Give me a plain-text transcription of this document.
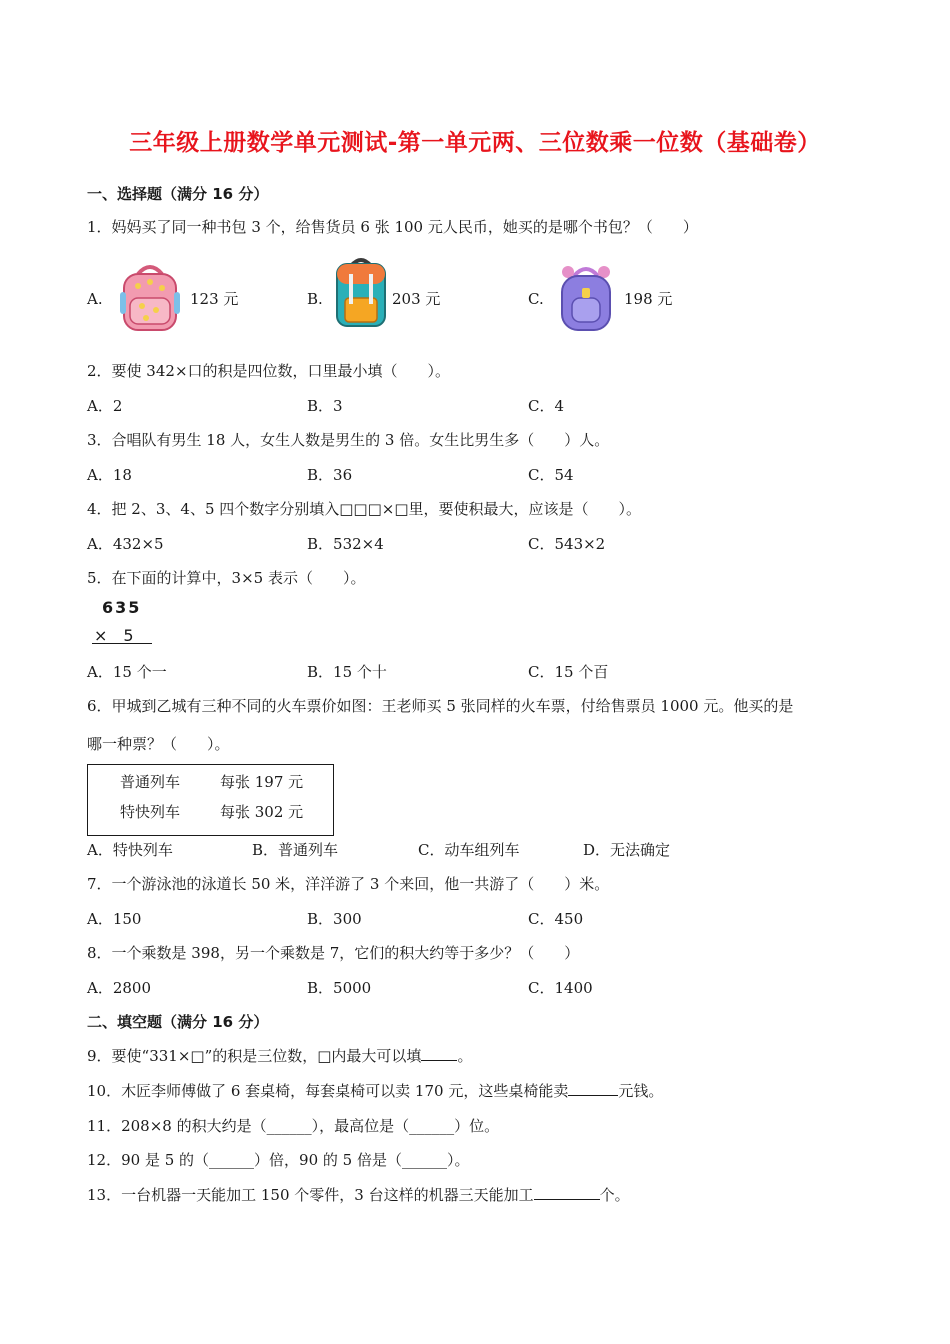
三年级上册数学单元测试-第一单元两、三位数乘一位数（基础卷）
一、选择题（满分 16 分）
1．妈妈买了同一种书包 3 个，给售货员 6 张 100 元人民币，她买的是哪个书包？（　　）
A.	123 元	B.	203 元	C.	198 元
2．要使 342×口的积是四位数，口里最小填（　　）。
A．2	B．3	C．4
3．合唱队有男生 18 人，女生人数是男生的 3 倍。女生比男生多（　　）人。
A．18	B．36	C．54
4．把 2、3、4、5 四个数字分别填入□□□×□里，要使积最大，应该是（　　）。
A．432×5	B．532×4	C．543×2
5．在下面的计算中，3×5 表示（　　）。
635
×　5
A．15 个一	B．15 个十	C．15 个百
6．甲城到乙城有三种不同的火车票价如图：王老师买 5 张同样的火车票，付给售票员 1000 元。他买的是
哪一种票？（　　）。
普通列车	每张 197 元
特快列车	每张 302 元
A．特快列车	B．普通列车	C．动车组列车	D．无法确定
7．一个游泳池的泳道长 50 米，洋洋游了 3 个来回，他一共游了（　　）米。
A．150	B．300	C．450
8．一个乘数是 398，另一个乘数是 7，它们的积大约等于多少？（　　）
A．2800	B．5000	C．1400
二、填空题（满分 16 分）
9．要使“331×□”的积是三位数，□内最大可以填 。
10．木匠李师傅做了 6 套桌椅，每套桌椅可以卖 170 元，这些桌椅能卖	元钱。
11．208×8 的积大约是（______），最高位是（______）位。
12．90 是 5 的（______）倍，90 的 5 倍是（______）。
13．一台机器一天能加工 150 个零件，3 台这样的机器三天能加工	个。
